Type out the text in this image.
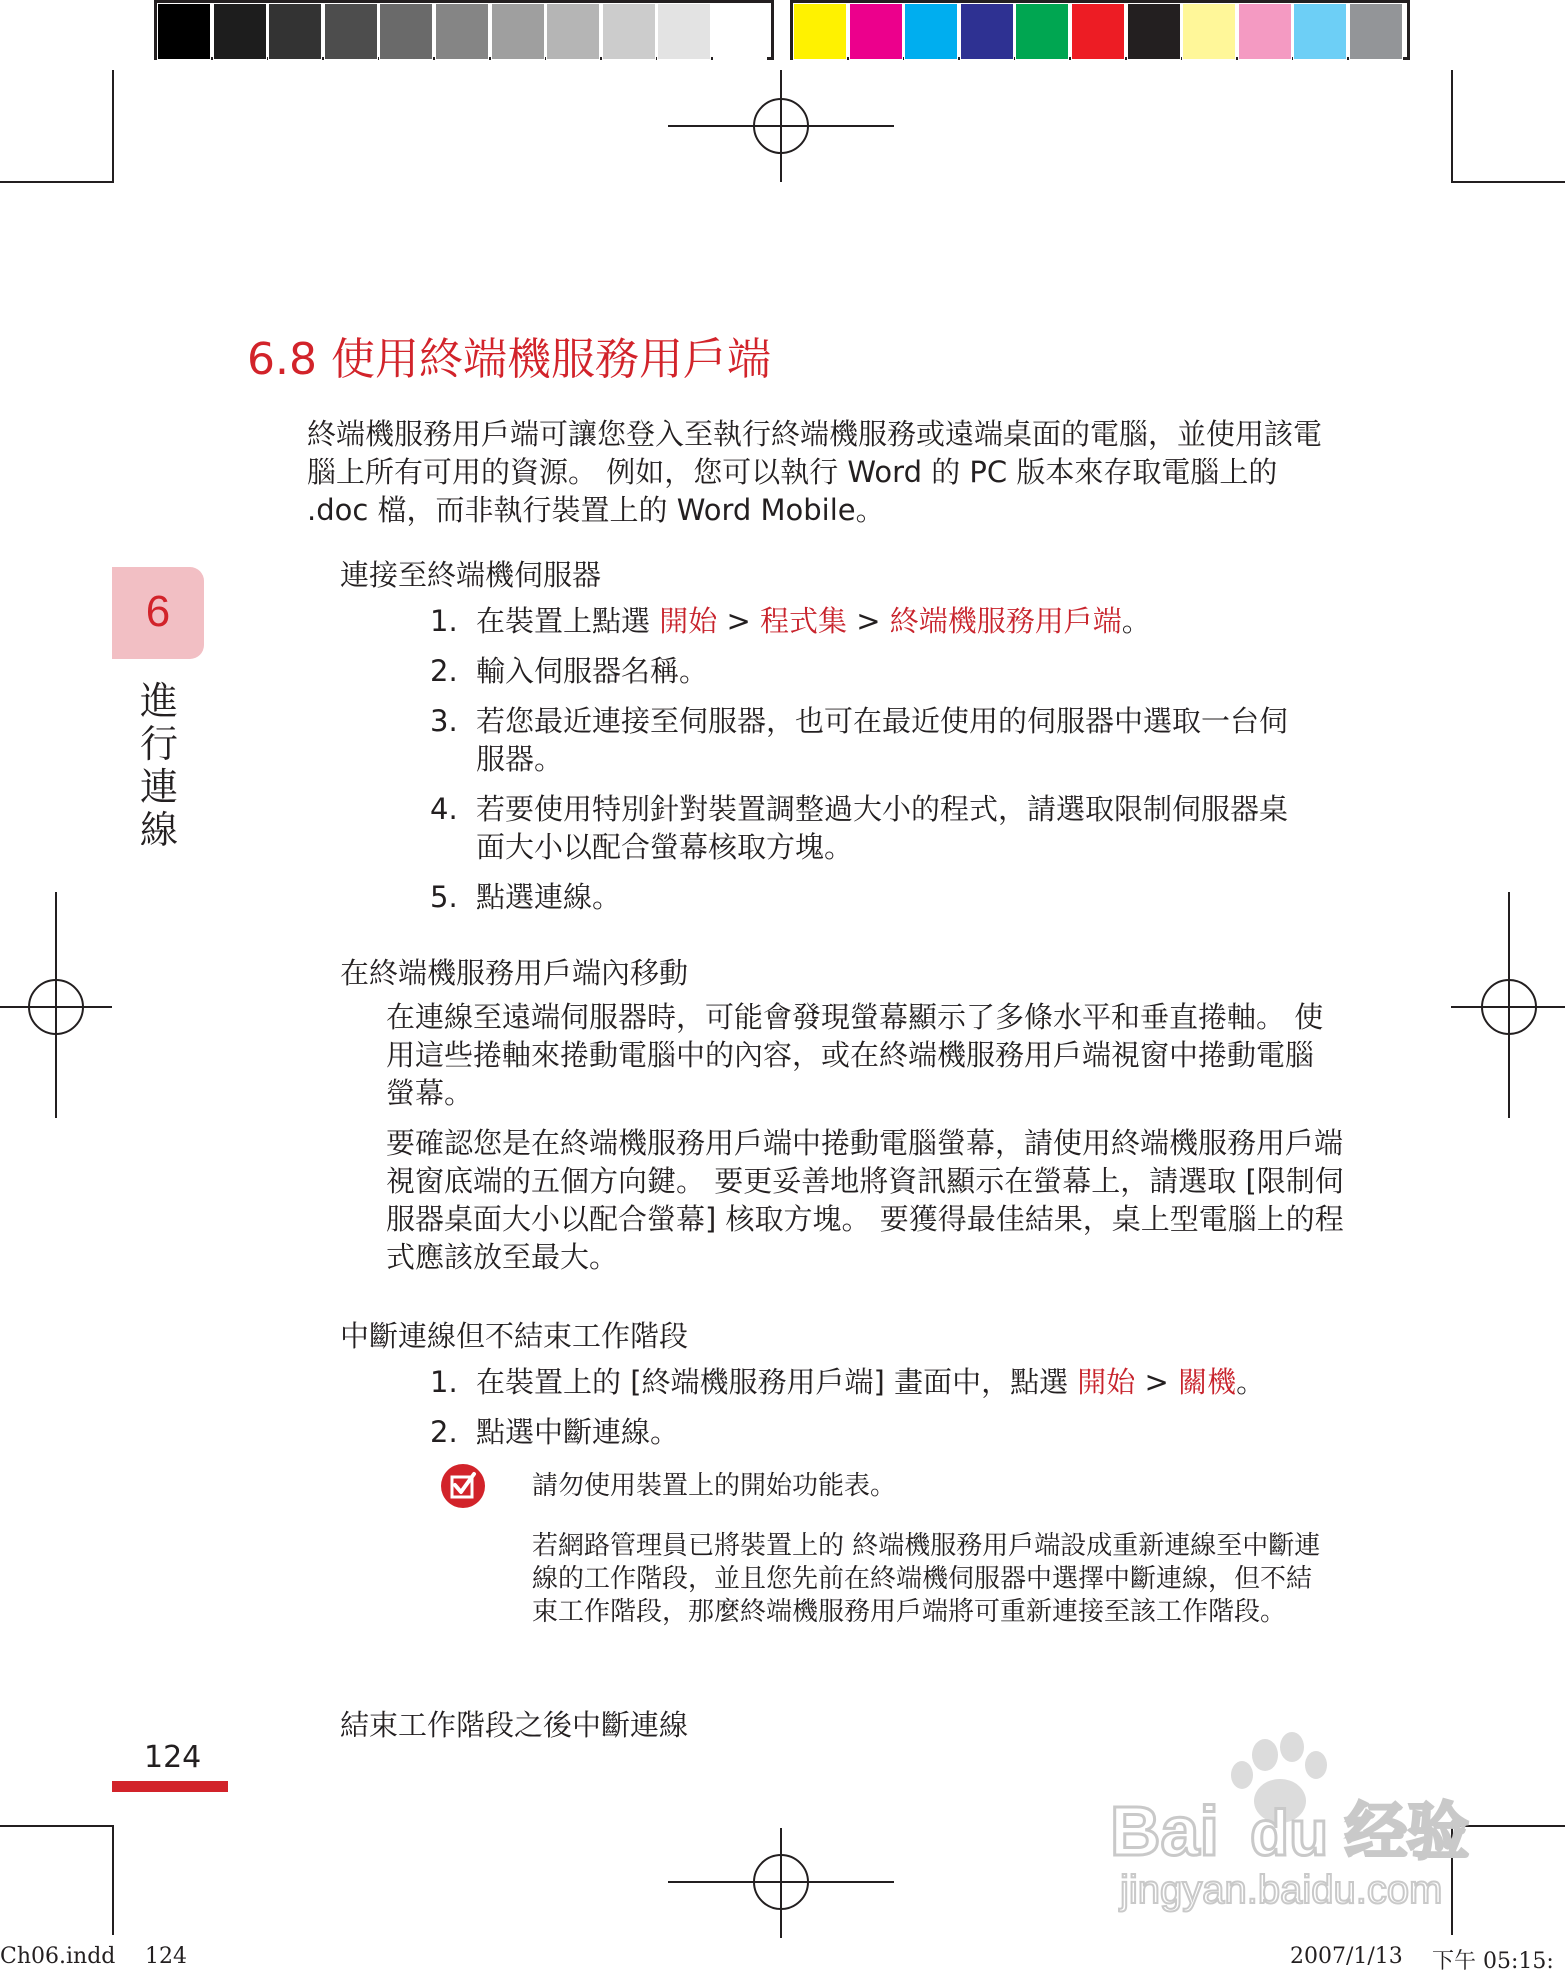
6
進行連線
6.8 使用終端機服務用戶端
終端機服務用戶端可讓您登入至執行終端機服務或遠端桌面的電腦，並使用該電腦上所有可用的資源。 例如，您可以執行 Word 的 PC 版本來存取電腦上的 .doc 檔，而非執行裝置上的 Word Mobile。
連接至終端機伺服器
1. 在裝置上點選 開始 > 程式集 > 終端機服務用戶端。
2. 輸入伺服器名稱。
3. 若您最近連接至伺服器，也可在最近使用的伺服器中選取一台伺服器。
4. 若要使用特別針對裝置調整過大小的程式，請選取限制伺服器桌面大小以配合螢幕核取方塊。
5. 點選連線。
在終端機服務用戶端內移動
在連線至遠端伺服器時，可能會發現螢幕顯示了多條水平和垂直捲軸。 使用這些捲軸來捲動電腦中的內容，或在終端機服務用戶端視窗中捲動電腦螢幕。
要確認您是在終端機服務用戶端中捲動電腦螢幕，請使用終端機服務用戶端視窗底端的五個方向鍵。 要更妥善地將資訊顯示在螢幕上，請選取 [限制伺服器桌面大小以配合螢幕] 核取方塊。 要獲得最佳結果，桌上型電腦上的程式應該放至最大。
中斷連線但不結束工作階段
1. 在裝置上的 [終端機服務用戶端] 畫面中，點選 開始 > 關機。
2. 點選中斷連線。
請勿使用裝置上的開始功能表。
若網路管理員已將裝置上的 終端機服務用戶端設成重新連線至中斷連線的工作階段，並且您先前在終端機伺服器中選擇中斷連線，但不結束工作階段，那麼終端機服務用戶端將可重新連接至該工作階段。
結束工作階段之後中斷連線
124
Bai du 经验
jingyan.baidu.com
Ch06.indd 124	2007/1/13 下午 05:15:
